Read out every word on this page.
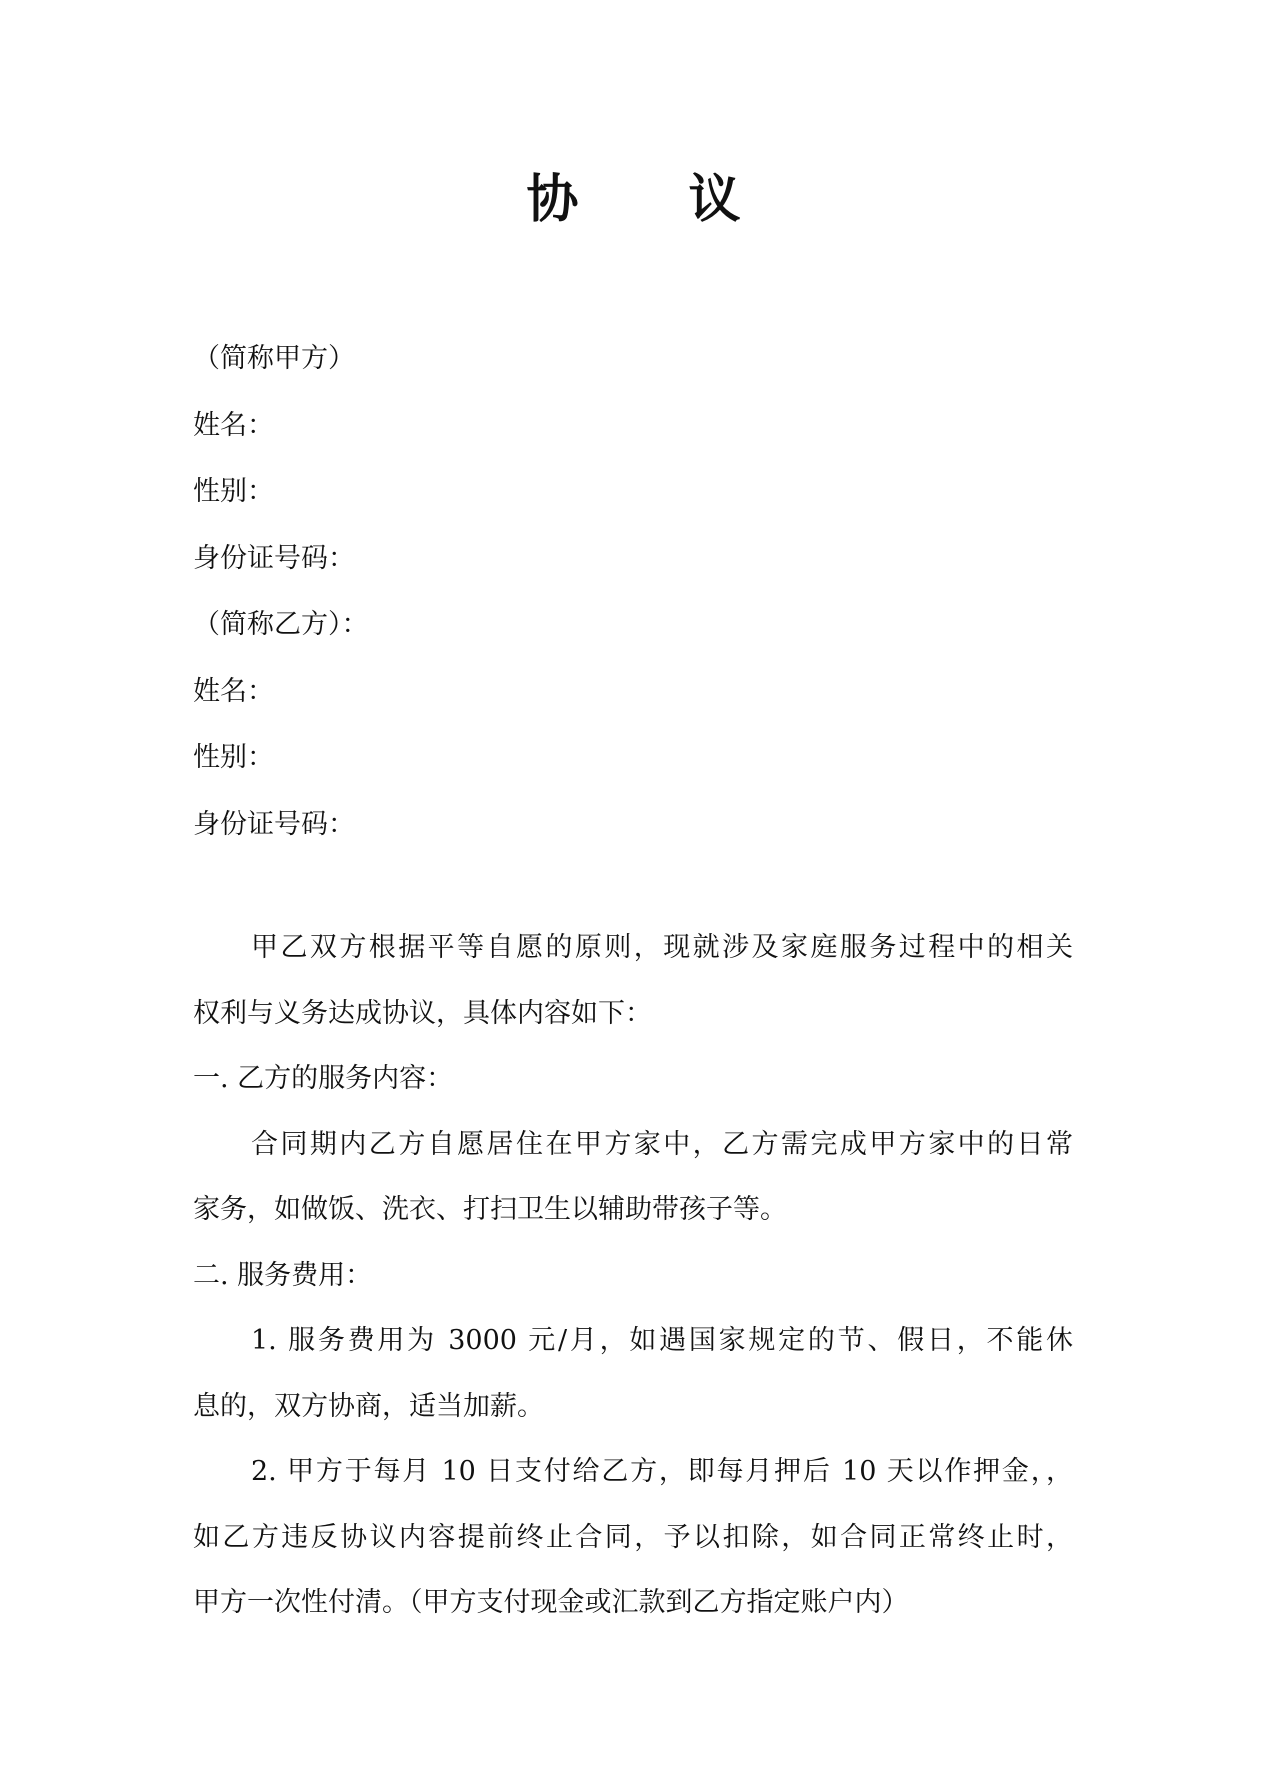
协 议
（简称甲方）
姓名：
性别：
身份证号码：
（简称乙方）：
姓名：
性别：
身份证号码：
甲乙双方根据平等自愿的原则，现就涉及家庭服务过程中的相关
权利与义务达成协议，具体内容如下：
一. 乙方的服务内容：
合同期内乙方自愿居住在甲方家中，乙方需完成甲方家中的日常
家务，如做饭、洗衣、打扫卫生以辅助带孩子等。
二. 服务费用：
1. 服务费用为 3000 元/月，如遇国家规定的节、假日，不能休
息的，双方协商，适当加薪。
2. 甲方于每月 10 日支付给乙方，即每月押后 10 天以作押金，，
如乙方违反协议内容提前终止合同，予以扣除，如合同正常终止时，
甲方一次性付清。（甲方支付现金或汇款到乙方指定账户内）
